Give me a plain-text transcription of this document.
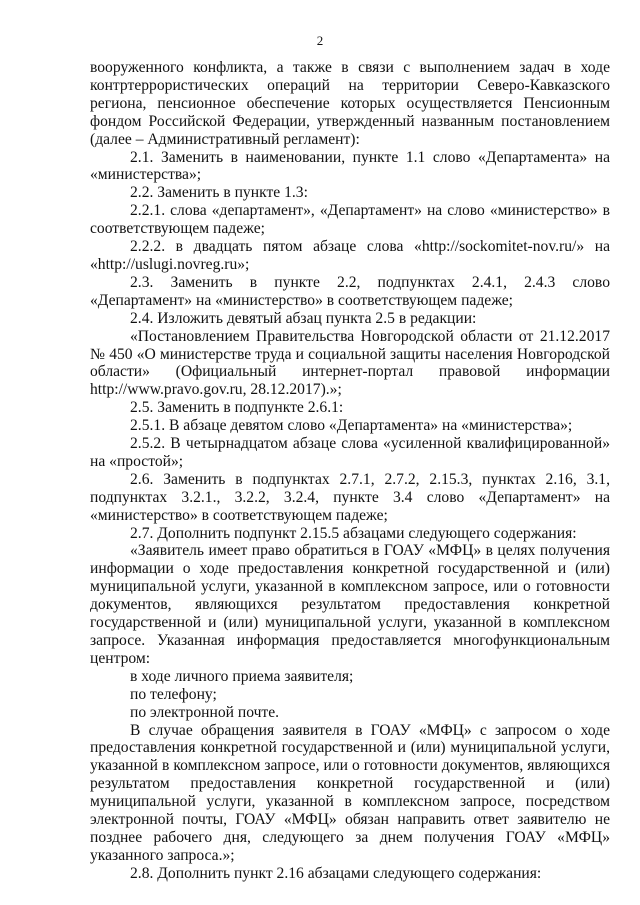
2

вооруженного конфликта, а также в связи с выполнением задач в ходе контртеррористических операций на территории Северо-Кавказского региона, пенсионное обеспечение которых осуществляется Пенсионным фондом Российской Федерации, утвержденный названным постановлением (далее – Административный регламент):

2.1. Заменить в наименовании, пункте 1.1 слово «Департамента» на «министерства»;

2.2. Заменить в пункте 1.3:

2.2.1. слова «департамент», «Департамент» на слово «министерство» в соответствующем падеже;

2.2.2. в двадцать пятом абзаце слова «http://sockomitet-nov.ru/» на «http://uslugi.novreg.ru»;

2.3. Заменить в пункте 2.2, подпунктах 2.4.1, 2.4.3 слово «Департамент» на «министерство» в соответствующем падеже;

2.4. Изложить девятый абзац пункта 2.5 в редакции:

«Постановлением Правительства Новгородской области от 21.12.2017 № 450 «О министерстве труда и социальной защиты населения Новгородской области» (Официальный интернет-портал правовой информации http://www.pravo.gov.ru, 28.12.2017).»;

2.5. Заменить в подпункте 2.6.1:

2.5.1. В абзаце девятом слово «Департамента» на «министерства»;

2.5.2. В четырнадцатом абзаце слова «усиленной квалифицированной» на «простой»;

2.6. Заменить в подпунктах 2.7.1, 2.7.2, 2.15.3, пунктах 2.16, 3.1, подпунктах 3.2.1., 3.2.2, 3.2.4, пункте 3.4 слово «Департамент» на «министерство» в соответствующем падеже;

2.7. Дополнить подпункт 2.15.5 абзацами следующего содержания:

«Заявитель имеет право обратиться в ГОАУ «МФЦ» в целях получения информации о ходе предоставления конкретной государственной и (или) муниципальной услуги, указанной в комплексном запросе, или о готовности документов, являющихся результатом предоставления конкретной государственной и (или) муниципальной услуги, указанной в комплексном запросе. Указанная информация предоставляется многофункциональным центром:

в ходе личного приема заявителя;

по телефону;

по электронной почте.

В случае обращения заявителя в ГОАУ «МФЦ» с запросом о ходе предоставления конкретной государственной и (или) муниципальной услуги, указанной в комплексном запросе, или о готовности документов, являющихся результатом предоставления конкретной государственной и (или) муниципальной услуги, указанной в комплексном запросе, посредством электронной почты, ГОАУ «МФЦ» обязан направить ответ заявителю не позднее рабочего дня, следующего за днем получения ГОАУ «МФЦ» указанного запроса.»;

2.8. Дополнить пункт 2.16 абзацами следующего содержания:
